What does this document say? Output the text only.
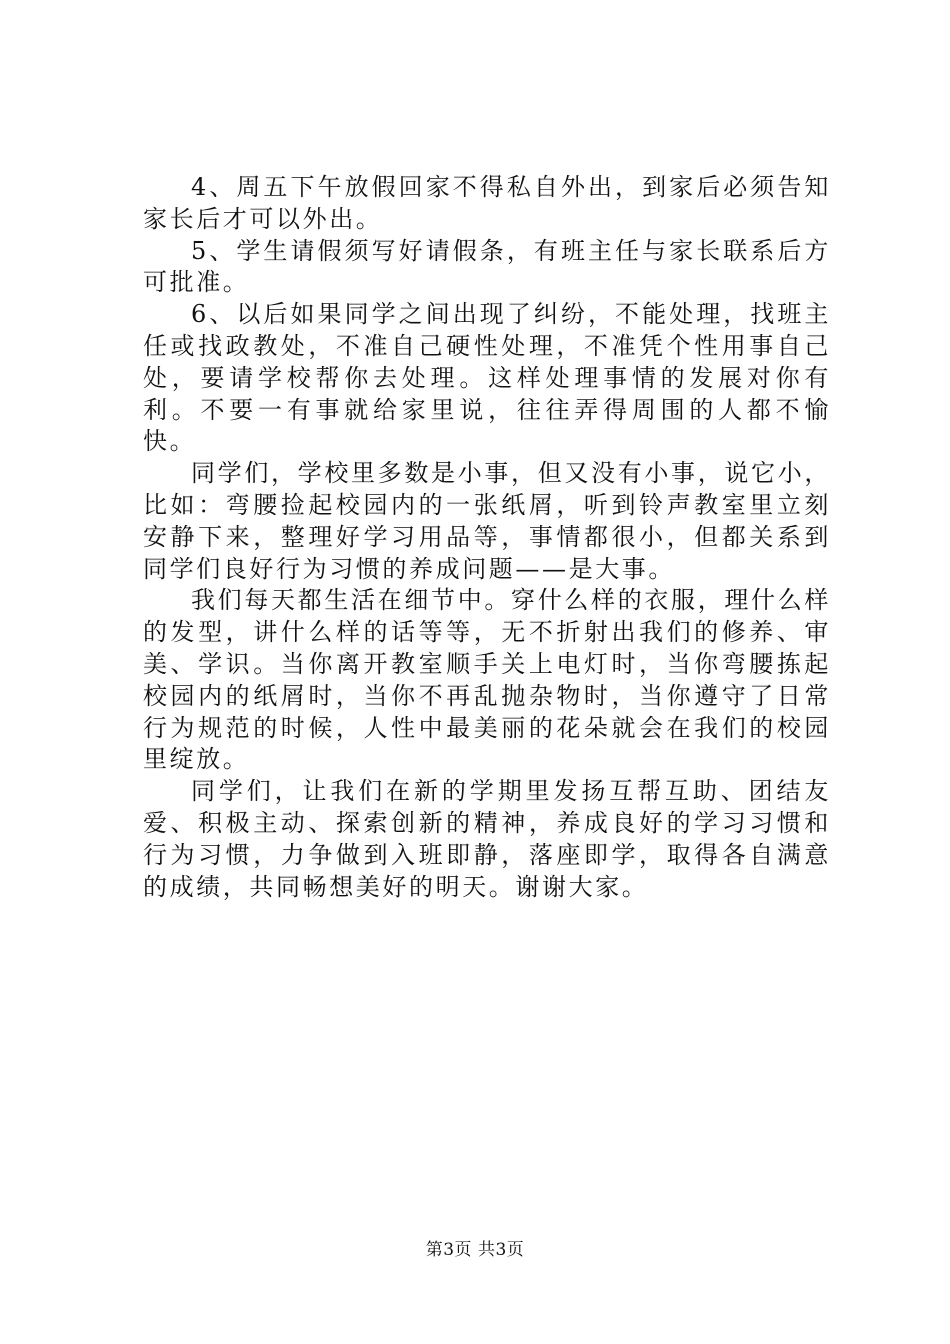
4、周五下午放假回家不得私自外出，到家后必须告知家长后才可以外出。

5、学生请假须写好请假条，有班主任与家长联系后方可批准。

6、以后如果同学之间出现了纠纷，不能处理，找班主任或找政教处，不准自己硬性处理，不准凭个性用事自己处，要请学校帮你去处理。这样处理事情的发展对你有利。不要一有事就给家里说，往往弄得周围的人都不愉快。

同学们，学校里多数是小事，但又没有小事，说它小，比如：弯腰捡起校园内的一张纸屑，听到铃声教室里立刻安静下来，整理好学习用品等，事情都很小，但都关系到同学们良好行为习惯的养成问题——是大事。

我们每天都生活在细节中。穿什么样的衣服，理什么样的发型，讲什么样的话等等，无不折射出我们的修养、审美、学识。当你离开教室顺手关上电灯时，当你弯腰拣起校园内的纸屑时，当你不再乱抛杂物时，当你遵守了日常行为规范的时候，人性中最美丽的花朵就会在我们的校园里绽放。

同学们，让我们在新的学期里发扬互帮互助、团结友爱、积极主动、探索创新的精神，养成良好的学习习惯和行为习惯，力争做到入班即静，落座即学，取得各自满意的成绩，共同畅想美好的明天。谢谢大家。

第3页 共3页
